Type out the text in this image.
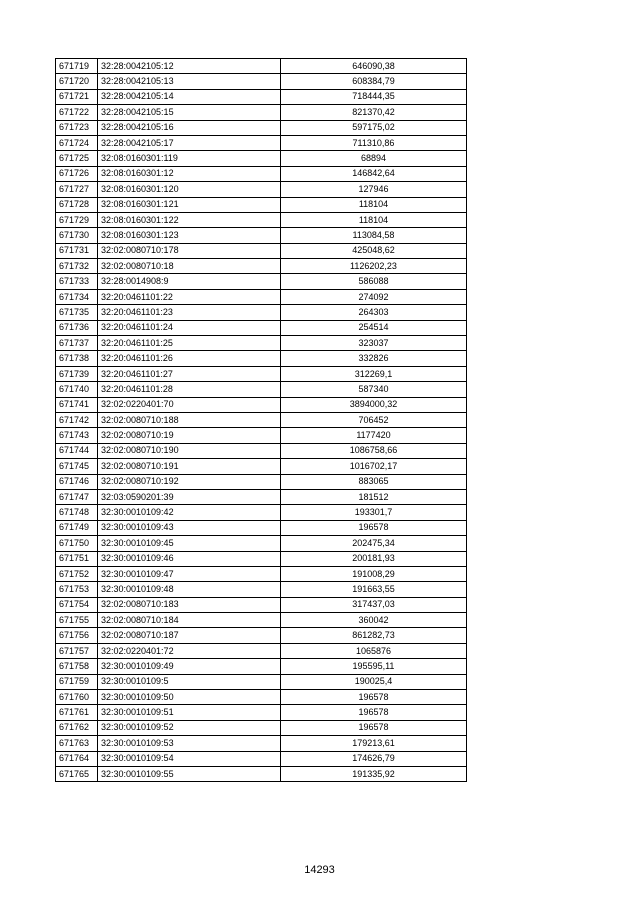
671719	32:28:0042105:12	646090,38
671720	32:28:0042105:13	608384,79
671721	32:28:0042105:14	718444,35
671722	32:28:0042105:15	821370,42
671723	32:28:0042105:16	597175,02
671724	32:28:0042105:17	711310,86
671725	32:08:0160301:119	68894
671726	32:08:0160301:12	146842,64
671727	32:08:0160301:120	127946
671728	32:08:0160301:121	118104
671729	32:08:0160301:122	118104
671730	32:08:0160301:123	113084,58
671731	32:02:0080710:178	425048,62
671732	32:02:0080710:18	1126202,23
671733	32:28:0014908:9	586088
671734	32:20:0461101:22	274092
671735	32:20:0461101:23	264303
671736	32:20:0461101:24	254514
671737	32:20:0461101:25	323037
671738	32:20:0461101:26	332826
671739	32:20:0461101:27	312269,1
671740	32:20:0461101:28	587340
671741	32:02:0220401:70	3894000,32
671742	32:02:0080710:188	706452
671743	32:02:0080710:19	1177420
671744	32:02:0080710:190	1086758,66
671745	32:02:0080710:191	1016702,17
671746	32:02:0080710:192	883065
671747	32:03:0590201:39	181512
671748	32:30:0010109:42	193301,7
671749	32:30:0010109:43	196578
671750	32:30:0010109:45	202475,34
671751	32:30:0010109:46	200181,93
671752	32:30:0010109:47	191008,29
671753	32:30:0010109:48	191663,55
671754	32:02:0080710:183	317437,03
671755	32:02:0080710:184	360042
671756	32:02:0080710:187	861282,73
671757	32:02:0220401:72	1065876
671758	32:30:0010109:49	195595,11
671759	32:30:0010109:5	190025,4
671760	32:30:0010109:50	196578
671761	32:30:0010109:51	196578
671762	32:30:0010109:52	196578
671763	32:30:0010109:53	179213,61
671764	32:30:0010109:54	174626,79
671765	32:30:0010109:55	191335,92
14293
